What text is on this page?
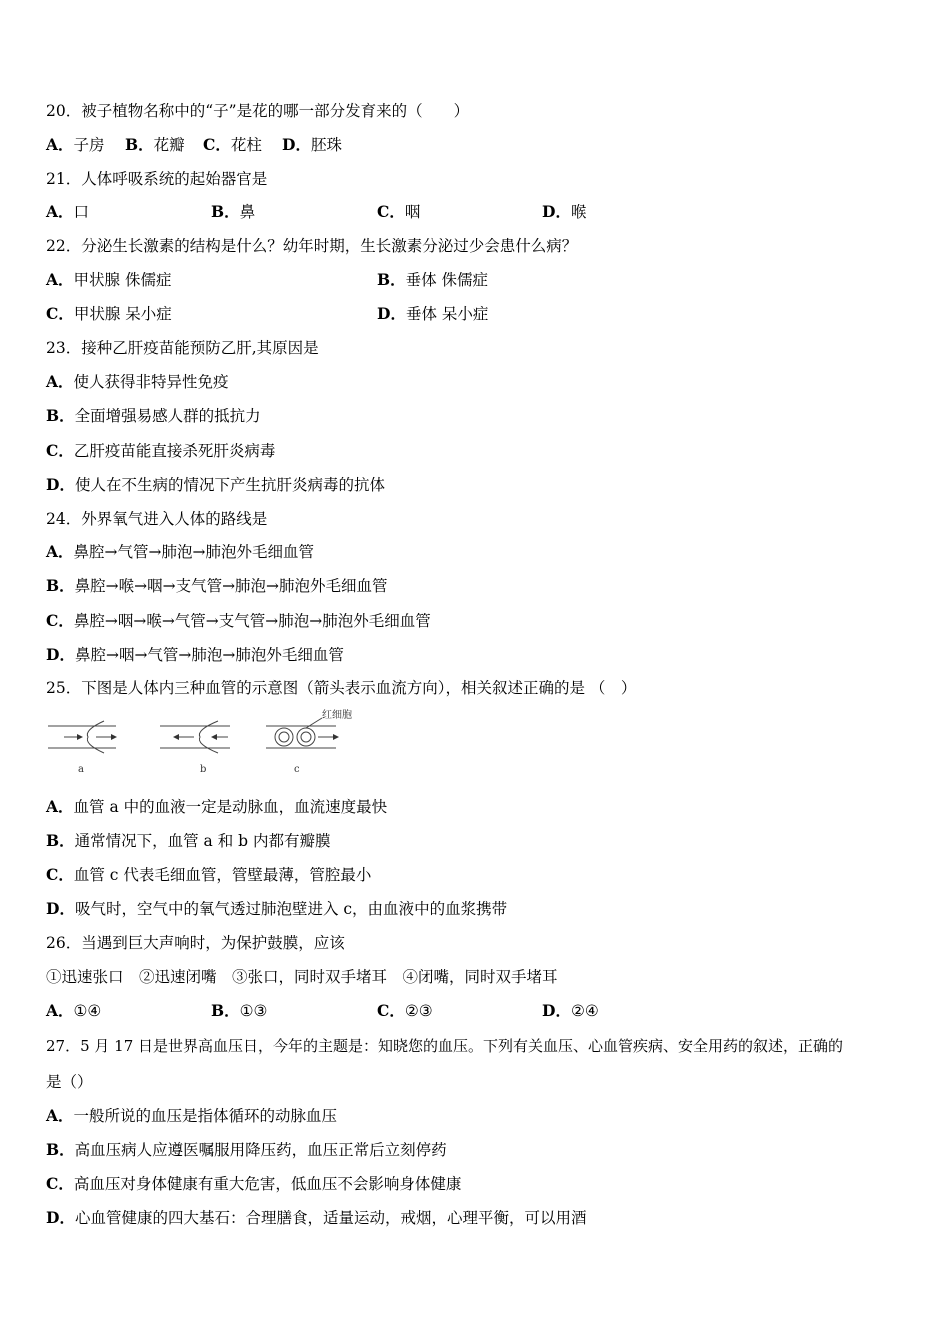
20．被子植物名称中的“子”是花的哪一部分发育来的（　　）
A．子房 B．花瓣 C．花柱 D．胚珠
21．人体呼吸系统的起始器官是
A．口	B．鼻	C．咽	D．喉
22．分泌生长激素的结构是什么？幼年时期，生长激素分泌过少会患什么病？
A．甲状腺 侏儒症	B．垂体 侏儒症
C．甲状腺 呆小症	D．垂体 呆小症
23．接种乙肝疫苗能预防乙肝,其原因是
A．使人获得非特异性免疫
B．全面增强易感人群的抵抗力
C．乙肝疫苗能直接杀死肝炎病毒
D．使人在不生病的情况下产生抗肝炎病毒的抗体
24．外界氧气进入人体的路线是
A．鼻腔→气管→肺泡→肺泡外毛细血管
B．鼻腔→喉→咽→支气管→肺泡→肺泡外毛细血管
C．鼻腔→咽→喉→气管→支气管→肺泡→肺泡外毛细血管
D．鼻腔→咽→气管→肺泡→肺泡外毛细血管
25．下图是人体内三种血管的示意图（箭头表示血流方向），相关叙述正确的是 （　）
a	b
红细胞
c
A．血管 a 中的血液一定是动脉血，血流速度最快
B．通常情况下，血管 a 和 b 内都有瓣膜
C．血管 c 代表毛细血管，管壁最薄，管腔最小
D．吸气时，空气中的氧气透过肺泡壁进入 c，由血液中的血浆携带
26．当遇到巨大声响时，为保护鼓膜，应该
①迅速张口　②迅速闭嘴　③张口，同时双手堵耳　④闭嘴，同时双手堵耳
A．①④	B．①③	C．②③	D．②④
27．5 月 17 日是世界高血压日，今年的主题是：知晓您的血压。下列有关血压、心血管疾病、安全用药的叙述，正确的
是（）
A．一般所说的血压是指体循环的动脉血压
B．高血压病人应遵医嘱服用降压药，血压正常后立刻停药
C．高血压对身体健康有重大危害，低血压不会影响身体健康
D．心血管健康的四大基石：合理膳食，适量运动，戒烟，心理平衡，可以用酒
